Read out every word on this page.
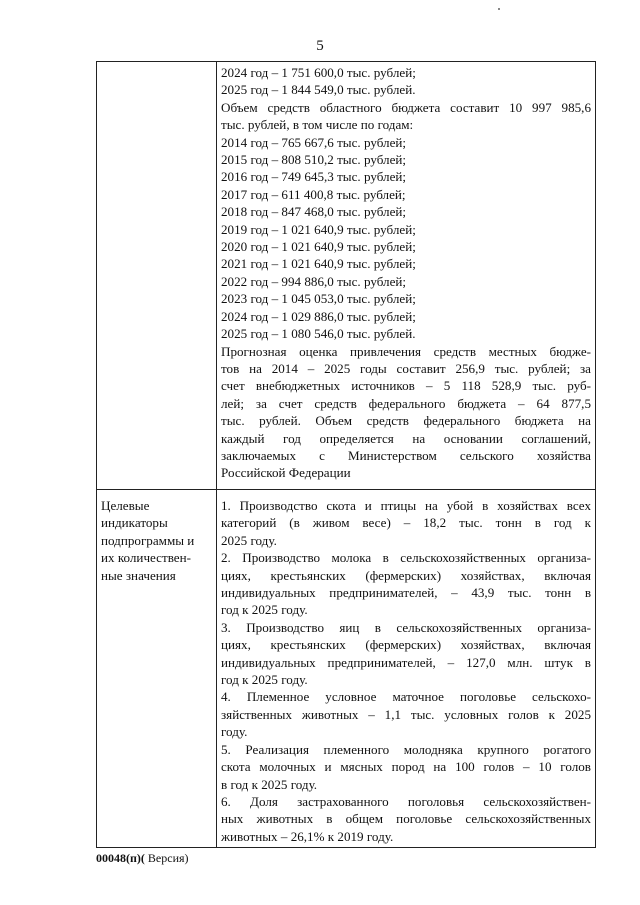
5
2024 год – 1 751 600,0 тыс. рублей;
2025 год – 1 844 549,0 тыс. рублей.
Объем средств областного бюджета составит 10 997 985,6
тыс. рублей, в том числе по годам:
2014 год – 765 667,6 тыс. рублей;
2015 год – 808 510,2 тыс. рублей;
2016 год – 749 645,3 тыс. рублей;
2017 год – 611 400,8 тыс. рублей;
2018 год – 847 468,0 тыс. рублей;
2019 год – 1 021 640,9 тыс. рублей;
2020 год – 1 021 640,9 тыс. рублей;
2021 год – 1 021 640,9 тыс. рублей;
2022 год – 994 886,0 тыс. рублей;
2023 год – 1 045 053,0 тыс. рублей;
2024 год – 1 029 886,0 тыс. рублей;
2025 год – 1 080 546,0 тыс. рублей.
Прогнозная оценка привлечения средств местных бюдже-
тов на 2014 – 2025 годы составит 256,9 тыс. рублей; за
счет внебюджетных источников – 5 118 528,9 тыс. руб-
лей; за счет средств федерального бюджета – 64 877,5
тыс. рублей. Объем средств федерального бюджета на
каждый год определяется на основании соглашений,
заключаемых с Министерством сельского хозяйства
Российской Федерации
Целевые
индикаторы
подпрограммы и
их количествен-
ные значения
1. Производство скота и птицы на убой в хозяйствах всех
категорий (в живом весе) – 18,2 тыс. тонн в год к
2025 году.
2. Производство молока в сельскохозяйственных организа-
циях, крестьянских (фермерских) хозяйствах, включая
индивидуальных предпринимателей, – 43,9 тыс. тонн в
год к 2025 году.
3. Производство яиц в сельскохозяйственных организа-
циях, крестьянских (фермерских) хозяйствах, включая
индивидуальных предпринимателей, – 127,0 млн. штук в
год к 2025 году.
4. Племенное условное маточное поголовье сельскохо-
зяйственных животных – 1,1 тыс. условных голов к 2025
году.
5. Реализация племенного молодняка крупного рогатого
скота молочных и мясных пород на 100 голов – 10 голов
в год к 2025 году.
6. Доля застрахованного поголовья сельскохозяйствен-
ных животных в общем поголовье сельскохозяйственных
животных – 26,1% к 2019 году.
00048(п)( Версия)
